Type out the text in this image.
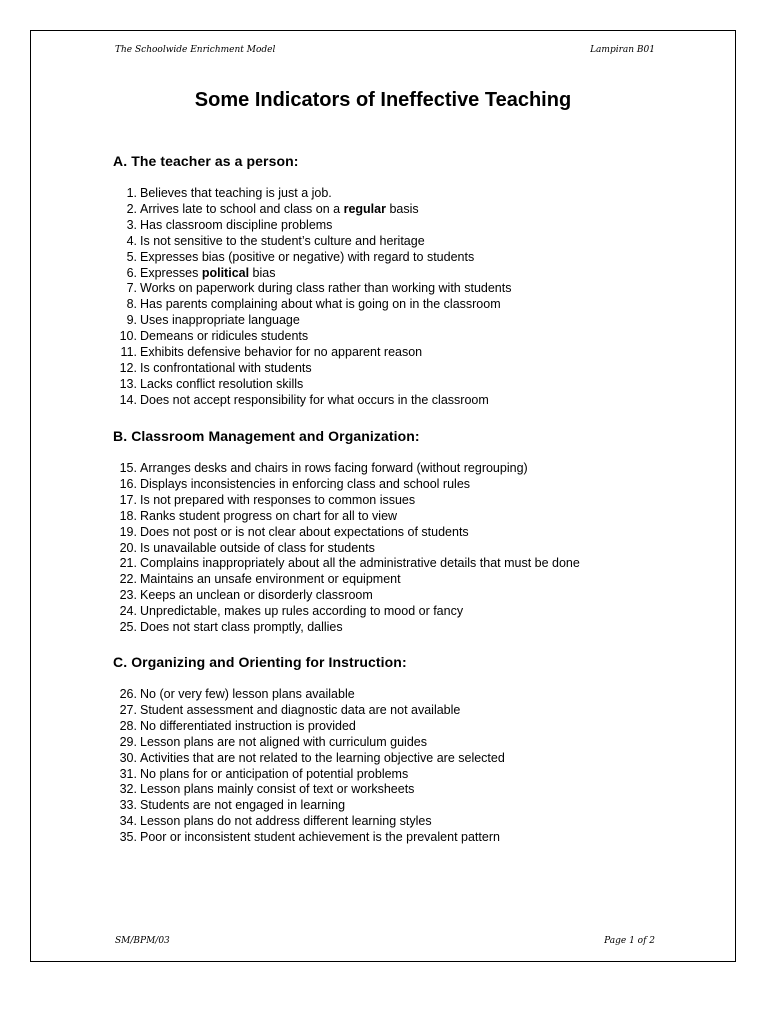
The Schoolwide Enrichment Model	Lampiran B01
Some Indicators of Ineffective Teaching
A. The teacher as a person:
1. Believes that teaching is just a job.
2. Arrives late to school and class on a regular basis
3. Has classroom discipline problems
4. Is not sensitive to the student’s culture and heritage
5. Expresses bias (positive or negative) with regard to students
6. Expresses political bias
7. Works on paperwork during class rather than working with students
8. Has parents complaining about what is going on in the classroom
9. Uses inappropriate language
10. Demeans or ridicules students
11. Exhibits defensive behavior for no apparent reason
12. Is confrontational with students
13. Lacks conflict resolution skills
14. Does not accept responsibility for what occurs in the classroom
B. Classroom Management and Organization:
15. Arranges desks and chairs in rows facing forward (without regrouping)
16. Displays inconsistencies in enforcing class and school rules
17. Is not prepared with responses to common issues
18. Ranks student progress on chart for all to view
19. Does not post or is not clear about expectations of students
20. Is unavailable outside of class for students
21. Complains inappropriately about all the administrative details that must be done
22. Maintains an unsafe environment or equipment
23. Keeps an unclean or disorderly classroom
24. Unpredictable, makes up rules according to mood or fancy
25. Does not start class promptly, dallies
C. Organizing and Orienting for Instruction:
26. No (or very few) lesson plans available
27. Student assessment and diagnostic data are not available
28. No differentiated instruction is provided
29. Lesson plans are not aligned with curriculum guides
30. Activities that are not related to the learning objective are selected
31. No plans for or anticipation of potential problems
32. Lesson plans mainly consist of text or worksheets
33. Students are not engaged in learning
34. Lesson plans do not address different learning styles
35. Poor or inconsistent student achievement is the prevalent pattern
SM/BPM/03	Page 1 of 2
